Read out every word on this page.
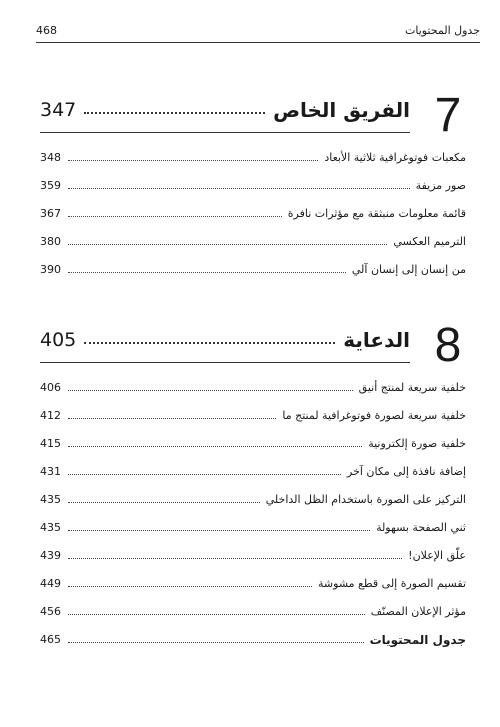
468	جدول المحتويات
7
347	الفريق الخاص
348	مكعبات فوتوغرافية ثلاثية الأبعاد
359	صور مزيفة
367	قائمة معلومات منبثقة مع مؤثرات نافرة
380	الترميم العكسي
390	من إنسان إلى إنسان آلي
8
405	الدعاية
406	خلفية سريعة لمنتج أنيق
412	خلفية سريعة لصورة فوتوغرافية لمنتج ما
415	خلفية صورة إلكترونية
431	إضافة نافذة إلى مكان آخر
435	التركيز على الصورة باستخدام الظل الداخلي
435	ثني الصفحة بسهولة
439	علّق الإعلان!
449	تقسيم الصورة إلى قطع مشوشة
456	مؤثر الإعلان المصنّف
465	جدول المحتويات
